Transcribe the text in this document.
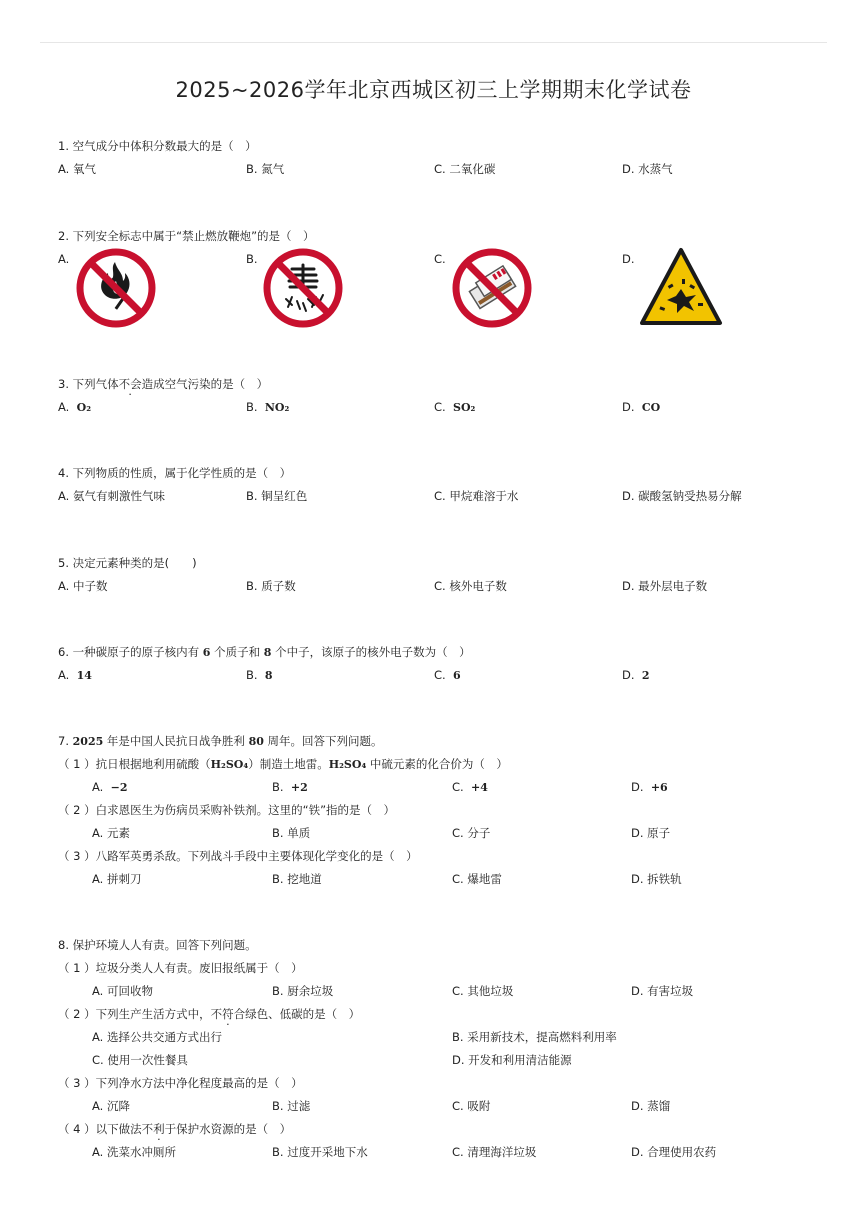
2025~2026学年北京西城区初三上学期期末化学试卷
1. 空气成分中体积分数最大的是（　）
A. 氧气	B. 氮气	C. 二氧化碳	D. 水蒸气
2. 下列安全标志中属于“禁止燃放鞭炮”的是（　）
A.	B.	C.	D.
3. 下列气体不会造成空气污染的是（　）
A. O₂	B. NO₂	C. SO₂	D. CO
4. 下列物质的性质，属于化学性质的是（　）
A. 氨气有刺激性气味	B. 铜呈红色	C. 甲烷难溶于水	D. 碳酸氢钠受热易分解
5. 决定元素种类的是(　　)
A. 中子数	B. 质子数	C. 核外电子数	D. 最外层电子数
6. 一种碳原子的原子核内有 6 个质子和 8 个中子，该原子的核外电子数为（　）
A. 14	B. 8	C. 6	D. 2
7. 2025 年是中国人民抗日战争胜利 80 周年。回答下列问题。
（ 1 ）抗日根据地利用硫酸（H₂SO₄）制造土地雷。H₂SO₄ 中硫元素的化合价为（　）
A. −2	B. +2	C. +4	D. +6
（ 2 ）白求恩医生为伤病员采购补铁剂。这里的“铁”指的是（　）
A. 元素	B. 单质	C. 分子	D. 原子
（ 3 ）八路军英勇杀敌。下列战斗手段中主要体现化学变化的是（　）
A. 拼刺刀	B. 挖地道	C. 爆地雷	D. 拆铁轨
8. 保护环境人人有责。回答下列问题。
（ 1 ）垃圾分类人人有责。废旧报纸属于（　）
A. 可回收物	B. 厨余垃圾	C. 其他垃圾	D. 有害垃圾
（ 2 ）下列生产生活方式中，不符合绿色、低碳的是（　）
A. 选择公共交通方式出行	B. 采用新技术，提高燃料利用率
C. 使用一次性餐具	D. 开发和利用清洁能源
（ 3 ）下列净水方法中净化程度最高的是（　）
A. 沉降	B. 过滤	C. 吸附	D. 蒸馏
（ 4 ）以下做法不利于保护水资源的是（　）
A. 洗菜水冲厕所	B. 过度开采地下水	C. 清理海洋垃圾	D. 合理使用农药
